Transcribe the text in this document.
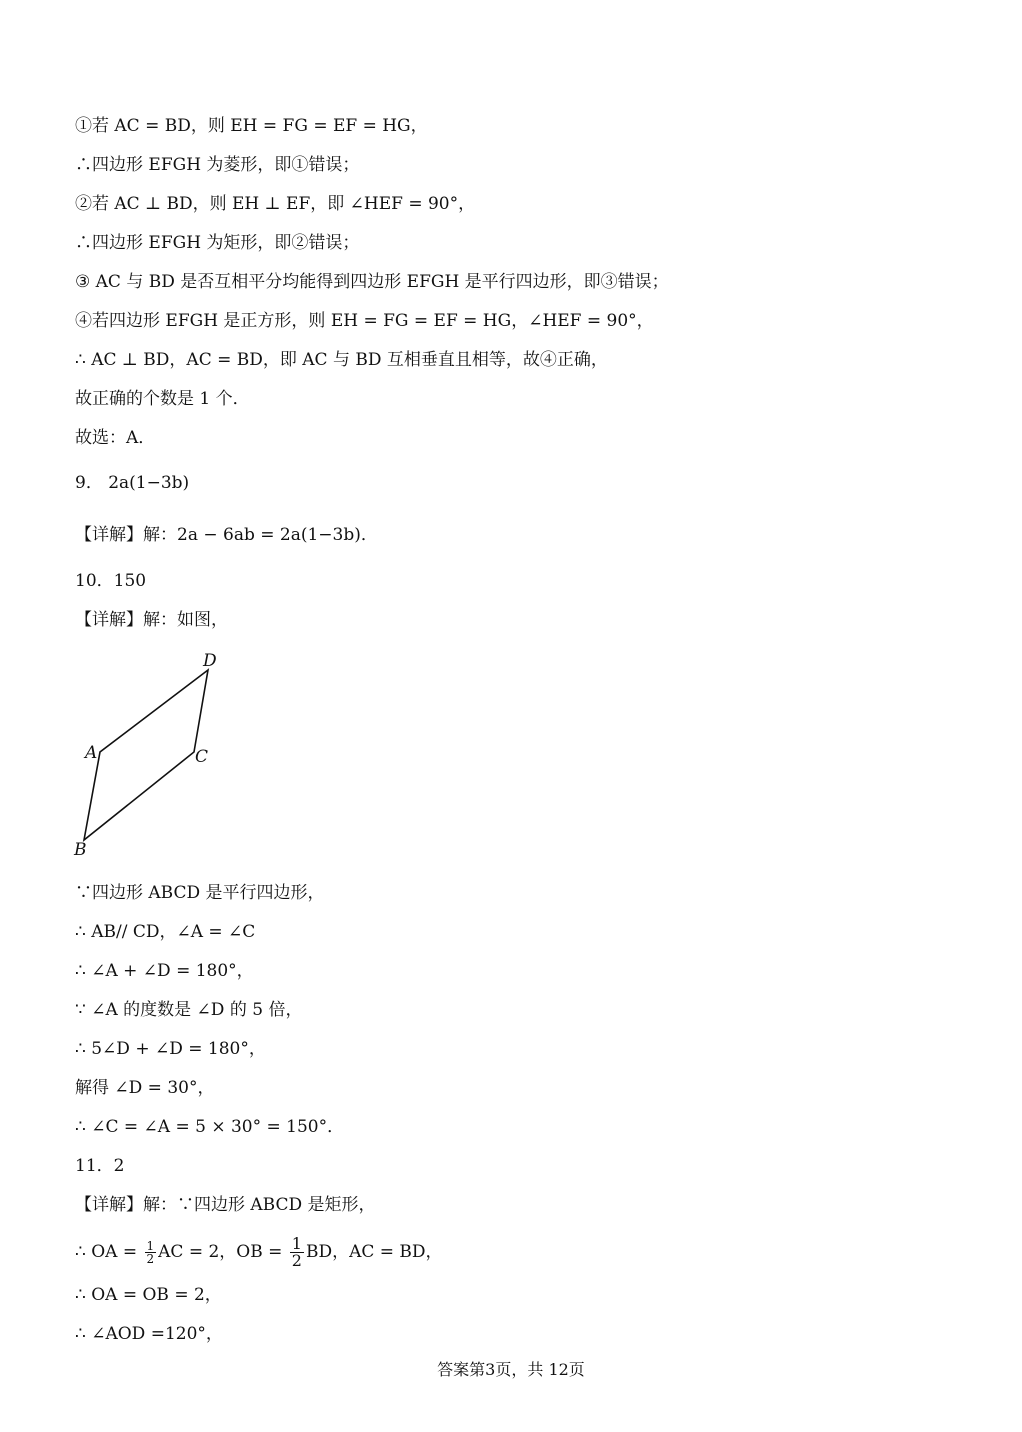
①若 AC = BD，则 EH = FG = EF = HG，
∴四边形 EFGH 为菱形，即①错误；
②若 AC ⊥ BD，则 EH ⊥ EF，即 ∠HEF = 90°，
∴四边形 EFGH 为矩形，即②错误；
③ AC 与 BD 是否互相平分均能得到四边形 EFGH 是平行四边形，即③错误；
④若四边形 EFGH 是正方形，则 EH = FG = EF = HG，∠HEF = 90°，
∴ AC ⊥ BD，AC = BD，即 AC 与 BD 互相垂直且相等，故④正确，
故正确的个数是 1 个．
故选：A．
9． 2a(1−3b)
【详解】解：2a − 6ab = 2a(1−3b)．
10．150
【详解】解：如图，
D
A	C
B
∵四边形 ABCD 是平行四边形，
∴ AB// CD，∠A = ∠C
∴ ∠A + ∠D = 180°，
∵ ∠A 的度数是 ∠D 的 5 倍，
∴ 5∠D + ∠D = 180°，
解得 ∠D = 30°，
∴ ∠C = ∠A = 5 × 30° = 150°．
11．2
【详解】解：∵四边形 ABCD 是矩形，
∴ OA = $\frac{1}{2}$ AC = 2，OB = $\frac{1}{2}$ BD，AC = BD，
∴ OA = OB = 2，
∴ ∠AOD =120°，
答案第3页，共 12页
